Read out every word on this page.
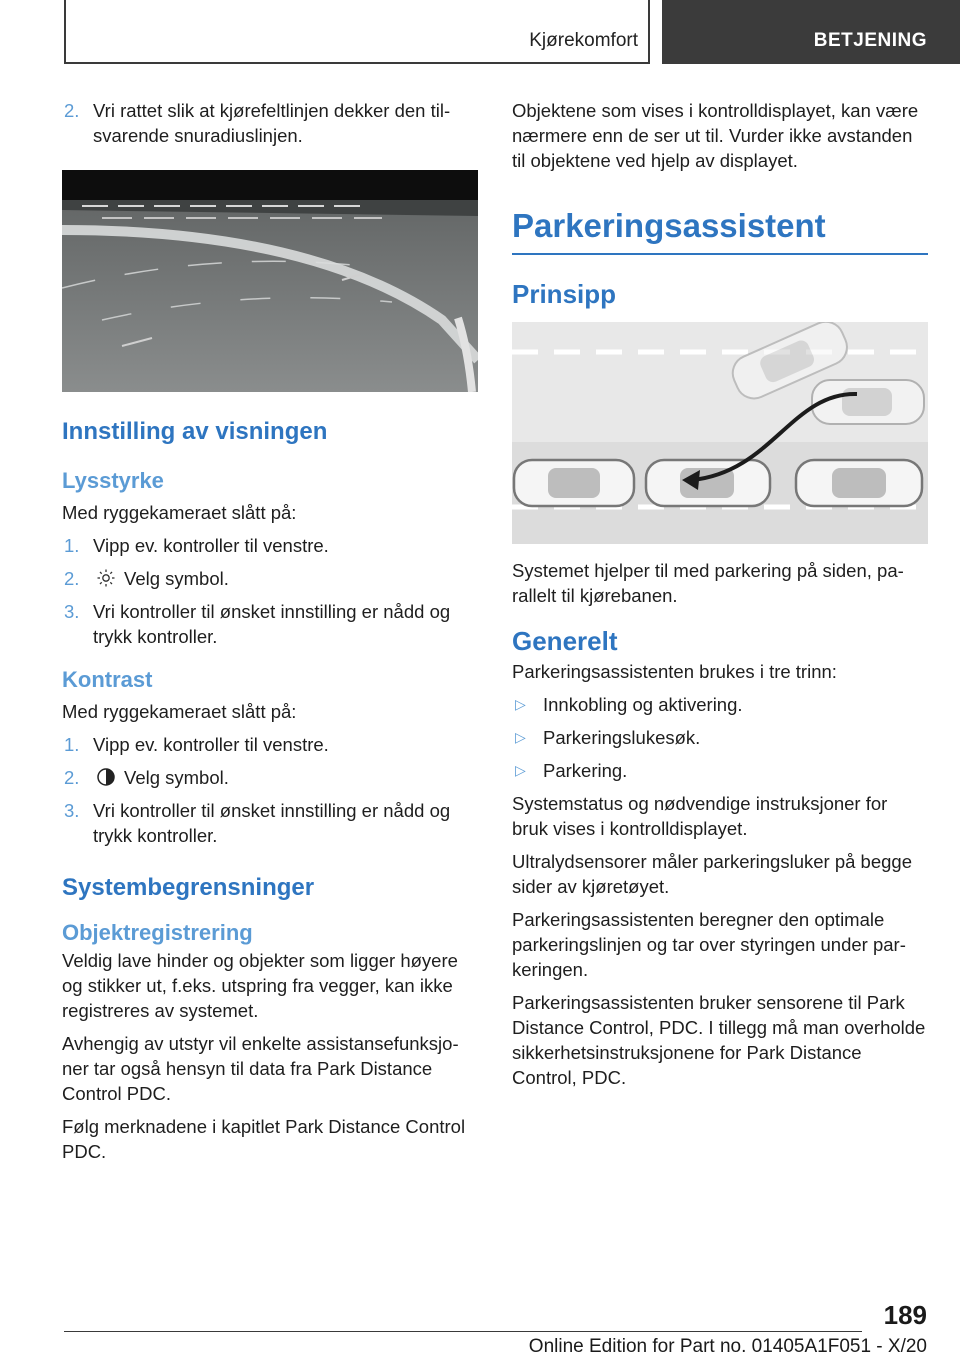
Kjørekomfort	BETJENING
2. Vri rattet slik at kjørefeltlinjen dekker den tilsvarende snuradiuslinjen.
Innstilling av visningen
Lysstyrke

Med ryggekameraet slått på:

1. Vipp ev. kontroller til venstre.
2. Velg symbol.
3. Vri kontroller til ønsket innstilling er nådd og trykk kontroller.
Kontrast

Med ryggekameraet slått på:

1. Vipp ev. kontroller til venstre.
2. Velg symbol.
3. Vri kontroller til ønsket innstilling er nådd og trykk kontroller.
Systembegrensninger
Objektregistrering

Veldig lave hinder og objekter som ligger høyere og stikker ut, f.eks. utspring fra vegger, kan ikke registreres av systemet.

Avhengig av utstyr vil enkelte assistansefunksjoner tar også hensyn til data fra Park Distance Control PDC.

Følg merknadene i kapitlet Park Distance Control PDC.

Objektene som vises i kontrolldisplayet, kan være nærmere enn de ser ut til. Vurder ikke avstanden til objektene ved hjelp av displayet.

Parkeringsassistent
Prinsipp

Systemet hjelper til med parkering på siden, parallelt til kjørebanen.

Generelt

Parkeringsassistenten brukes i tre trinn:

▷ Innkobling og aktivering.
▷ Parkeringslukesøk.
▷ Parkering.

Systemstatus og nødvendige instruksjoner for bruk vises i kontrolldisplayet.

Ultralydsensorer måler parkeringsluker på begge sider av kjøretøyet.

Parkeringsassistenten beregner den optimale parkeringslinjen og tar over styringen under parkeringen.

Parkeringsassistenten bruker sensorene til Park Distance Control, PDC. I tillegg må man overholde sikkerhetsinstruksjonene for Park Distance Control, PDC.

189
Online Edition for Part no. 01405A1F051 - X/20
